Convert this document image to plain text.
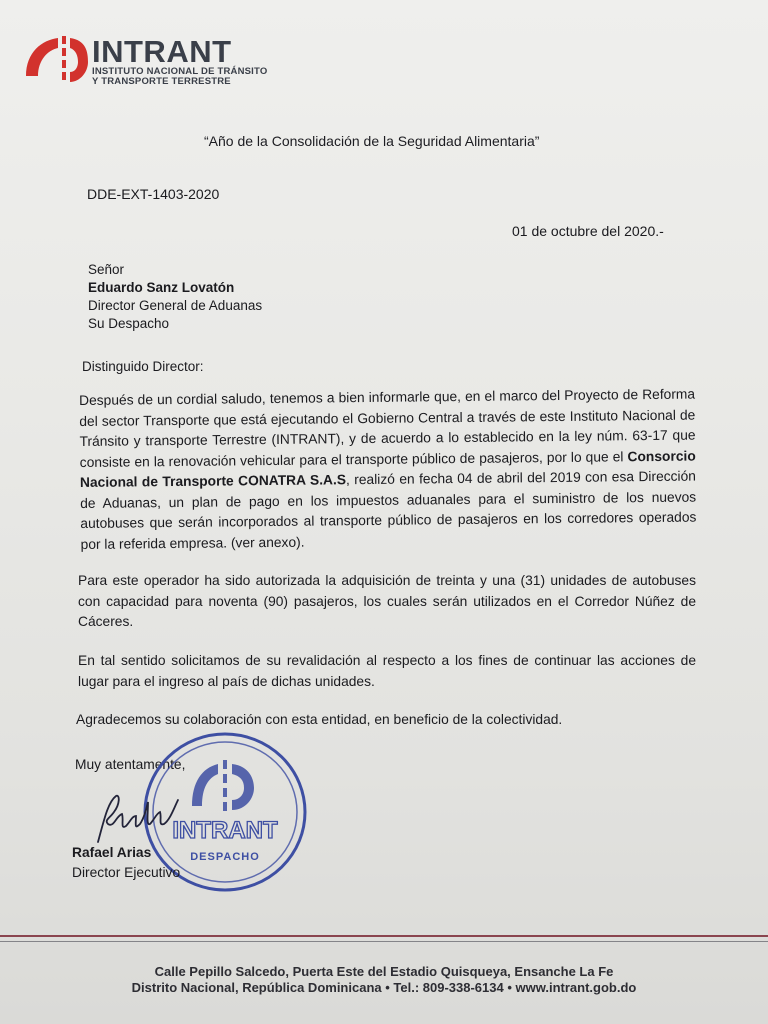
INTRANT
INSTITUTO NACIONAL DE TRÁNSITO
Y TRANSPORTE TERRESTRE
“Año de la Consolidación de la Seguridad Alimentaria”
DDE-EXT-1403-2020
01 de octubre del 2020.-
Señor
Eduardo Sanz Lovatón
Director General de Aduanas
Su Despacho
Distinguido Director:
Después de un cordial saludo, tenemos a bien informarle que, en el marco del Proyecto de Reforma del sector Transporte que está ejecutando el Gobierno Central a través de este Instituto Nacional de Tránsito y transporte Terrestre (INTRANT), y de acuerdo a lo establecido en la ley núm. 63-17 que consiste en la renovación vehicular para el transporte público de pasajeros, por lo que el Consorcio Nacional de Transporte CONATRA S.A.S, realizó en fecha 04 de abril del 2019 con esa Dirección de Aduanas, un plan de pago en los impuestos aduanales para el suministro de los nuevos autobuses que serán incorporados al transporte público de pasajeros en los corredores operados por la referida empresa. (ver anexo).
Para este operador ha sido autorizada la adquisición de treinta y una (31) unidades de autobuses con capacidad para noventa (90) pasajeros, los cuales serán utilizados en el Corredor Núñez de Cáceres.
En tal sentido solicitamos de su revalidación al respecto a los fines de continuar las acciones de lugar para el ingreso al país de dichas unidades.
Agradecemos su colaboración con esta entidad, en beneficio de la colectividad.
Muy atentamente,
INTRANT
DESPACHO
Rafael Arias
Director Ejecutivo
Calle Pepillo Salcedo, Puerta Este del Estadio Quisqueya, Ensanche La Fe
Distrito Nacional, República Dominicana • Tel.: 809-338-6134 • www.intrant.gob.do
